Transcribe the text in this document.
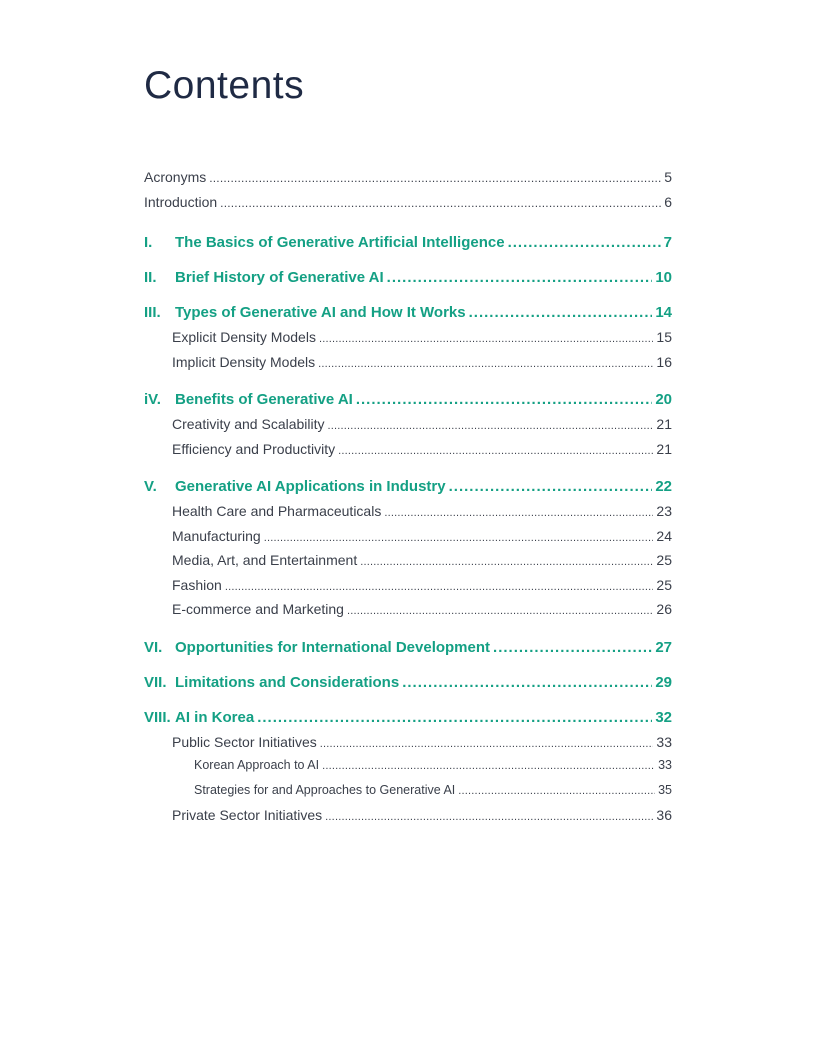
Contents
Acronyms .....	5
Introduction .....	6
I. The Basics of Generative Artificial Intelligence .....	7
II. Brief History of Generative AI .....	10
III. Types of Generative AI and How It Works .....	14
Explicit Density Models .....	15
Implicit Density Models .....	16
iV. Benefits of Generative AI .....	20
Creativity and Scalability .....	21
Efficiency and Productivity .....	21
V. Generative AI Applications in Industry .....	22
Health Care and Pharmaceuticals .....	23
Manufacturing .....	24
Media, Art, and Entertainment .....	25
Fashion .....	25
E-commerce and Marketing .....	26
VI. Opportunities for International Development .....	27
VII. Limitations and Considerations .....	29
VIII. AI in Korea .....	32
Public Sector Initiatives .....	33
Korean Approach to AI .....	33
Strategies for and Approaches to Generative AI .....	35
Private Sector Initiatives .....	36
